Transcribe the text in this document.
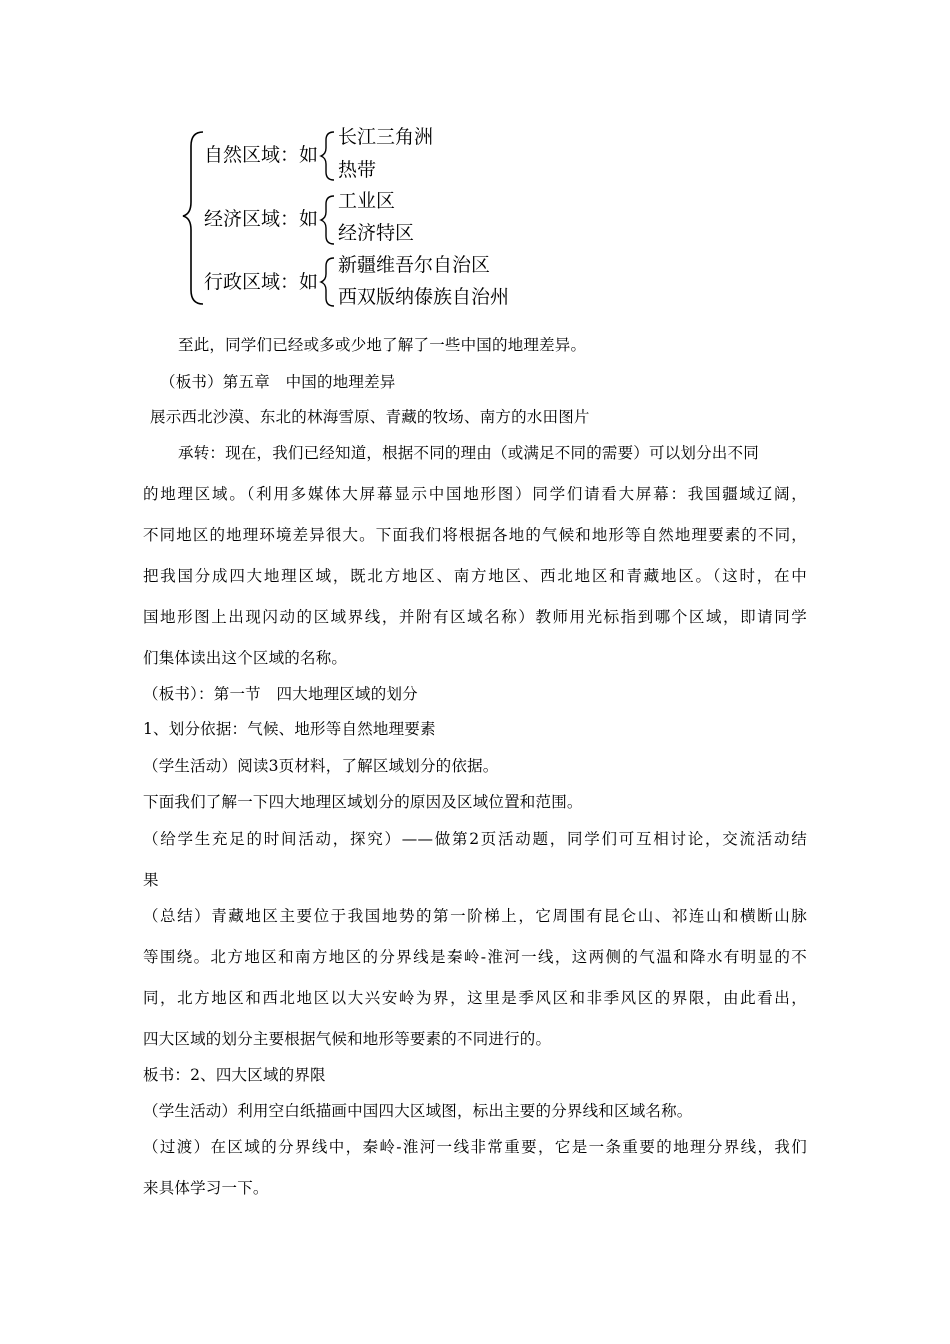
自然区域：如
长江三角洲
热带
经济区域：如
工业区
经济特区
行政区域：如
新疆维吾尔自治区
西双版纳傣族自治州
至此，同学们已经或多或少地了解了一些中国的地理差异。
（板书）第五章　中国的地理差异
展示西北沙漠、东北的林海雪原、青藏的牧场、南方的水田图片
承转：现在，我们已经知道，根据不同的理由（或满足不同的需要）可以划分出不同
的地理区域。（利用多媒体大屏幕显示中国地形图）同学们请看大屏幕：我国疆域辽阔，
不同地区的地理环境差异很大。下面我们将根据各地的气候和地形等自然地理要素的不同，
把我国分成四大地理区域，既北方地区、南方地区、西北地区和青藏地区。（这时，在中
国地形图上出现闪动的区域界线，并附有区域名称）教师用光标指到哪个区域，即请同学
们集体读出这个区域的名称。
（板书）：第一节　四大地理区域的划分
1、划分依据：气候、地形等自然地理要素
（学生活动）阅读3页材料，了解区域划分的依据。
下面我们了解一下四大地理区域划分的原因及区域位置和范围。
（给学生充足的时间活动，探究）——做第2页活动题，同学们可互相讨论，交流活动结
果
（总结）青藏地区主要位于我国地势的第一阶梯上，它周围有昆仑山、祁连山和横断山脉
等围绕。北方地区和南方地区的分界线是秦岭-淮河一线，这两侧的气温和降水有明显的不
同，北方地区和西北地区以大兴安岭为界，这里是季风区和非季风区的界限，由此看出，
四大区域的划分主要根据气候和地形等要素的不同进行的。
板书：2、四大区域的界限
（学生活动）利用空白纸描画中国四大区域图，标出主要的分界线和区域名称。
（过渡）在区域的分界线中，秦岭-淮河一线非常重要，它是一条重要的地理分界线，我们
来具体学习一下。
